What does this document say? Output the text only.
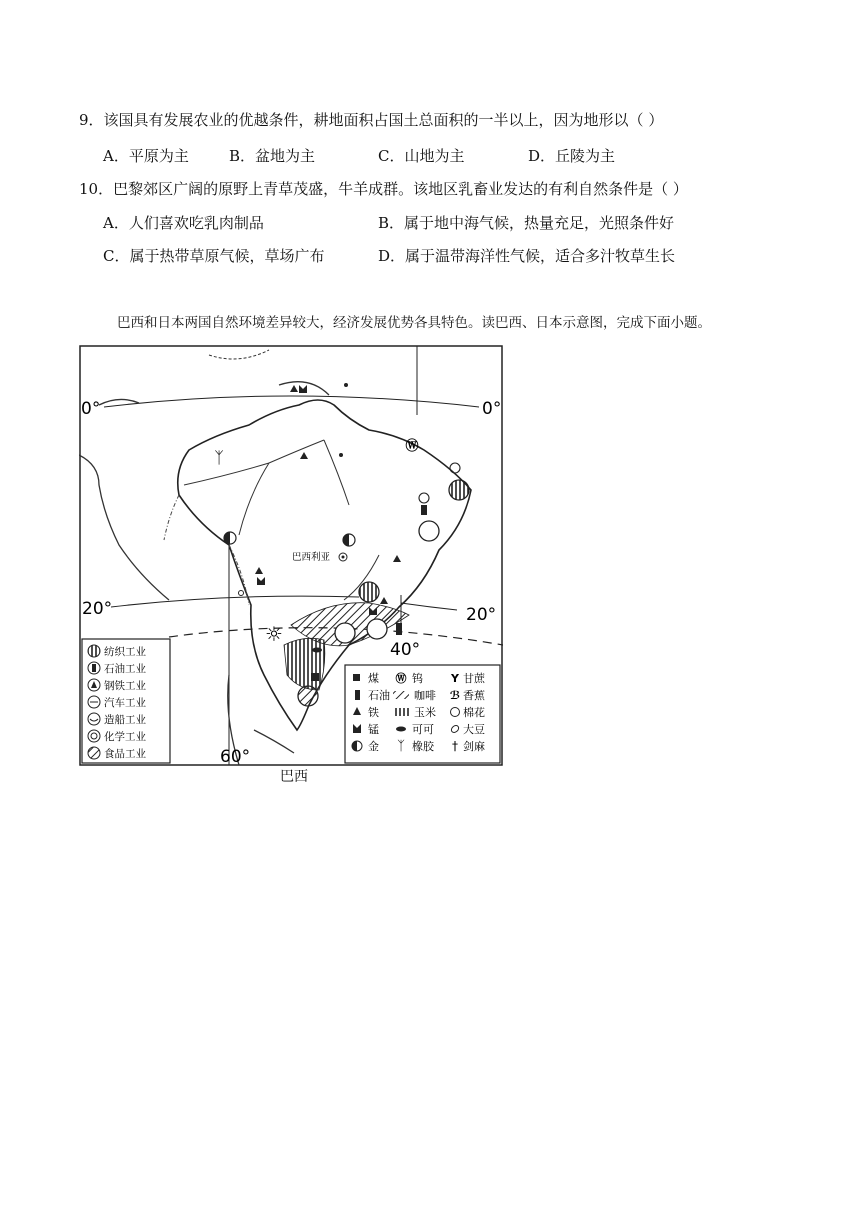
9．该国具有发展农业的优越条件，耕地面积占国土总面积的一半以上，因为地形以（ ）
A．平原为主	B．盆地为主	C．山地为主	D．丘陵为主
10．巴黎郊区广阔的原野上青草茂盛，牛羊成群。该地区乳畜业发达的有利自然条件是（ ）
A．人们喜欢吃乳肉制品	B．属于地中海气候，热量充足，光照条件好
C．属于热带草原气候，草场广布	D．属于温带海洋性气候，适合多汁牧草生长
巴西和日本两国自然环境差异较大，经济发展优势各具特色。读巴西、日本示意图，完成下面小题。
ᛉ
Ⓦ
☼
巴西利亚
0°	0°
20°	20°
60°
40°
纺织工业
石油工业
钢铁工业
汽车工业
造船工业
化学工业
食品工业
煤
石油
铁
锰
金
Ⓦ 钨
咖啡
玉米
可可
ᛉ 橡胶
Y 甘蔗
ℬ 香蕉
棉花
大豆
† 剑麻
巴西
